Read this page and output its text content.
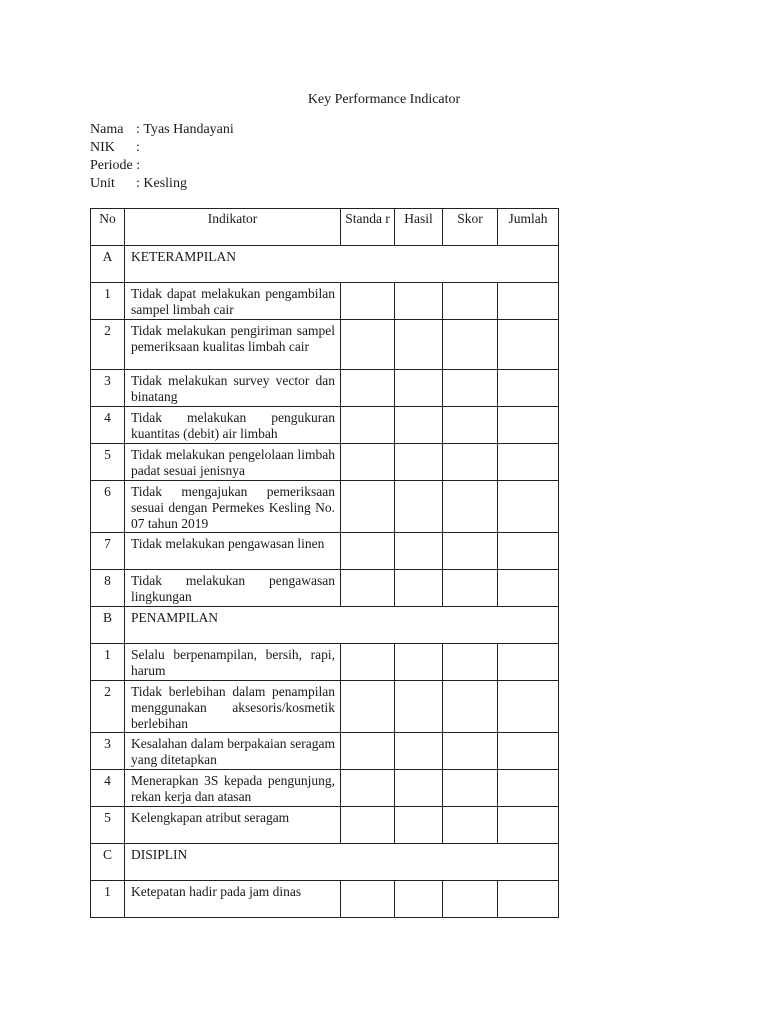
Key Performance Indicator
Nama : Tyas Handayani
NIK	:
Periode :
Unit	: Kesling
No	Indikator	Standa r	Hasil	Skor	Jumlah
A	KETERAMPILAN				
1	Tidak dapat melakukan pengambilan sampel limbah cair				

2	Tidak melakukan pengiriman sampel pemeriksaan kualitas limbah cair				

3	Tidak melakukan survey vector dan binatang				

4	Tidak melakukan pengukuran kuantitas (debit) air limbah				

5	Tidak melakukan pengelolaan limbah padat sesuai jenisnya				

6	Tidak mengajukan pemeriksaan sesuai dengan Permekes Kesling No. 07 tahun 2019				

7	Tidak melakukan pengawasan linen				

8	Tidak melakukan pengawasan lingkungan				

B	PENAMPILAN				
1	Selalu berpenampilan, bersih, rapi, harum				

2	Tidak berlebihan dalam penampilan menggunakan aksesoris/kosmetik berlebihan				

3	Kesalahan dalam berpakaian seragam yang ditetapkan				

4	Menerapkan 3S kepada pengunjung, rekan kerja dan atasan				

5	Kelengkapan atribut seragam				

C	DISIPLIN				
1	Ketepatan hadir pada jam dinas				
